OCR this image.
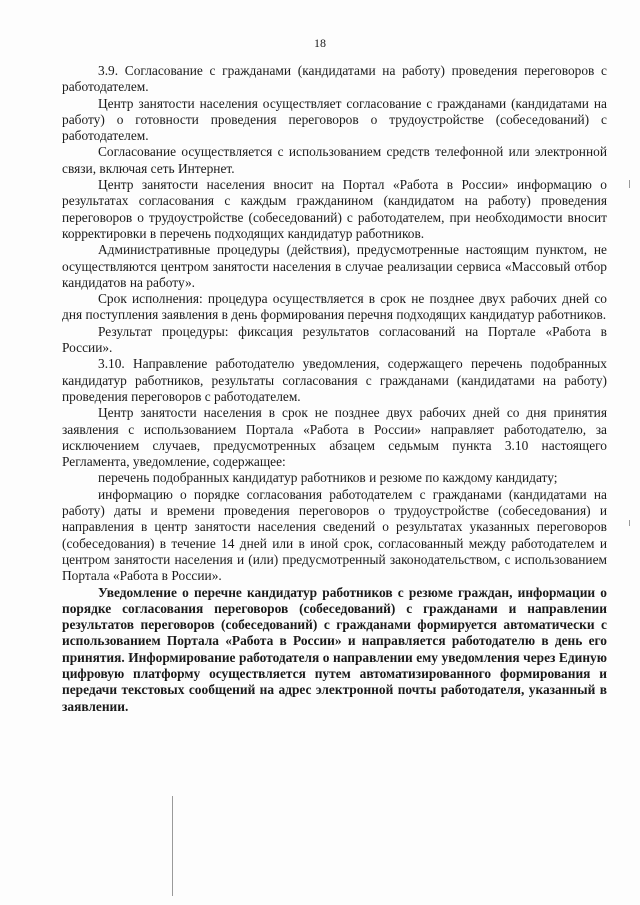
18

3.9. Согласование с гражданами (кандидатами на работу) проведения переговоров с работодателем.

Центр занятости населения осуществляет согласование с гражданами (кандидатами на работу) о готовности проведения переговоров о трудоустройстве (собеседований) с работодателем.

Согласование осуществляется с использованием средств телефонной или электронной связи, включая сеть Интернет.

Центр занятости населения вносит на Портал «Работа в России» информацию о результатах согласования с каждым гражданином (кандидатом на работу) проведения переговоров о трудоустройстве (собеседований) с работодателем, при необходимости вносит корректировки в перечень подходящих кандидатур работников.

Административные процедуры (действия), предусмотренные настоящим пунктом, не осуществляются центром занятости населения в случае реализации сервиса «Массовый отбор кандидатов на работу».

Срок исполнения: процедура осуществляется в срок не позднее двух рабочих дней со дня поступления заявления в день формирования перечня подходящих кандидатур работников.

Результат процедуры: фиксация результатов согласований на Портале «Работа в России».

3.10. Направление работодателю уведомления, содержащего перечень подобранных кандидатур работников, результаты согласования с гражданами (кандидатами на работу) проведения переговоров с работодателем.

Центр занятости населения в срок не позднее двух рабочих дней со дня принятия заявления с использованием Портала «Работа в России» направляет работодателю, за исключением случаев, предусмотренных абзацем седьмым пункта 3.10 настоящего Регламента, уведомление, содержащее:

перечень подобранных кандидатур работников и резюме по каждому кандидату;

информацию о порядке согласования работодателем с гражданами (кандидатами на работу) даты и времени проведения переговоров о трудоустройстве (собеседования) и направления в центр занятости населения сведений о результатах указанных переговоров (собеседования) в течение 14 дней или в иной срок, согласованный между работодателем и центром занятости населения и (или) предусмотренный законодательством, с использованием Портала «Работа в России».

Уведомление о перечне кандидатур работников с резюме граждан, информации о порядке согласования переговоров (собеседований) с гражданами и направлении результатов переговоров (собеседований) с гражданами формируется автоматически с использованием Портала «Работа в России» и направляется работодателю в день его принятия. Информирование работодателя о направлении ему уведомления через Единую цифровую платформу осуществляется путем автоматизированного формирования и передачи текстовых сообщений на адрес электронной почты работодателя, указанный в заявлении.
